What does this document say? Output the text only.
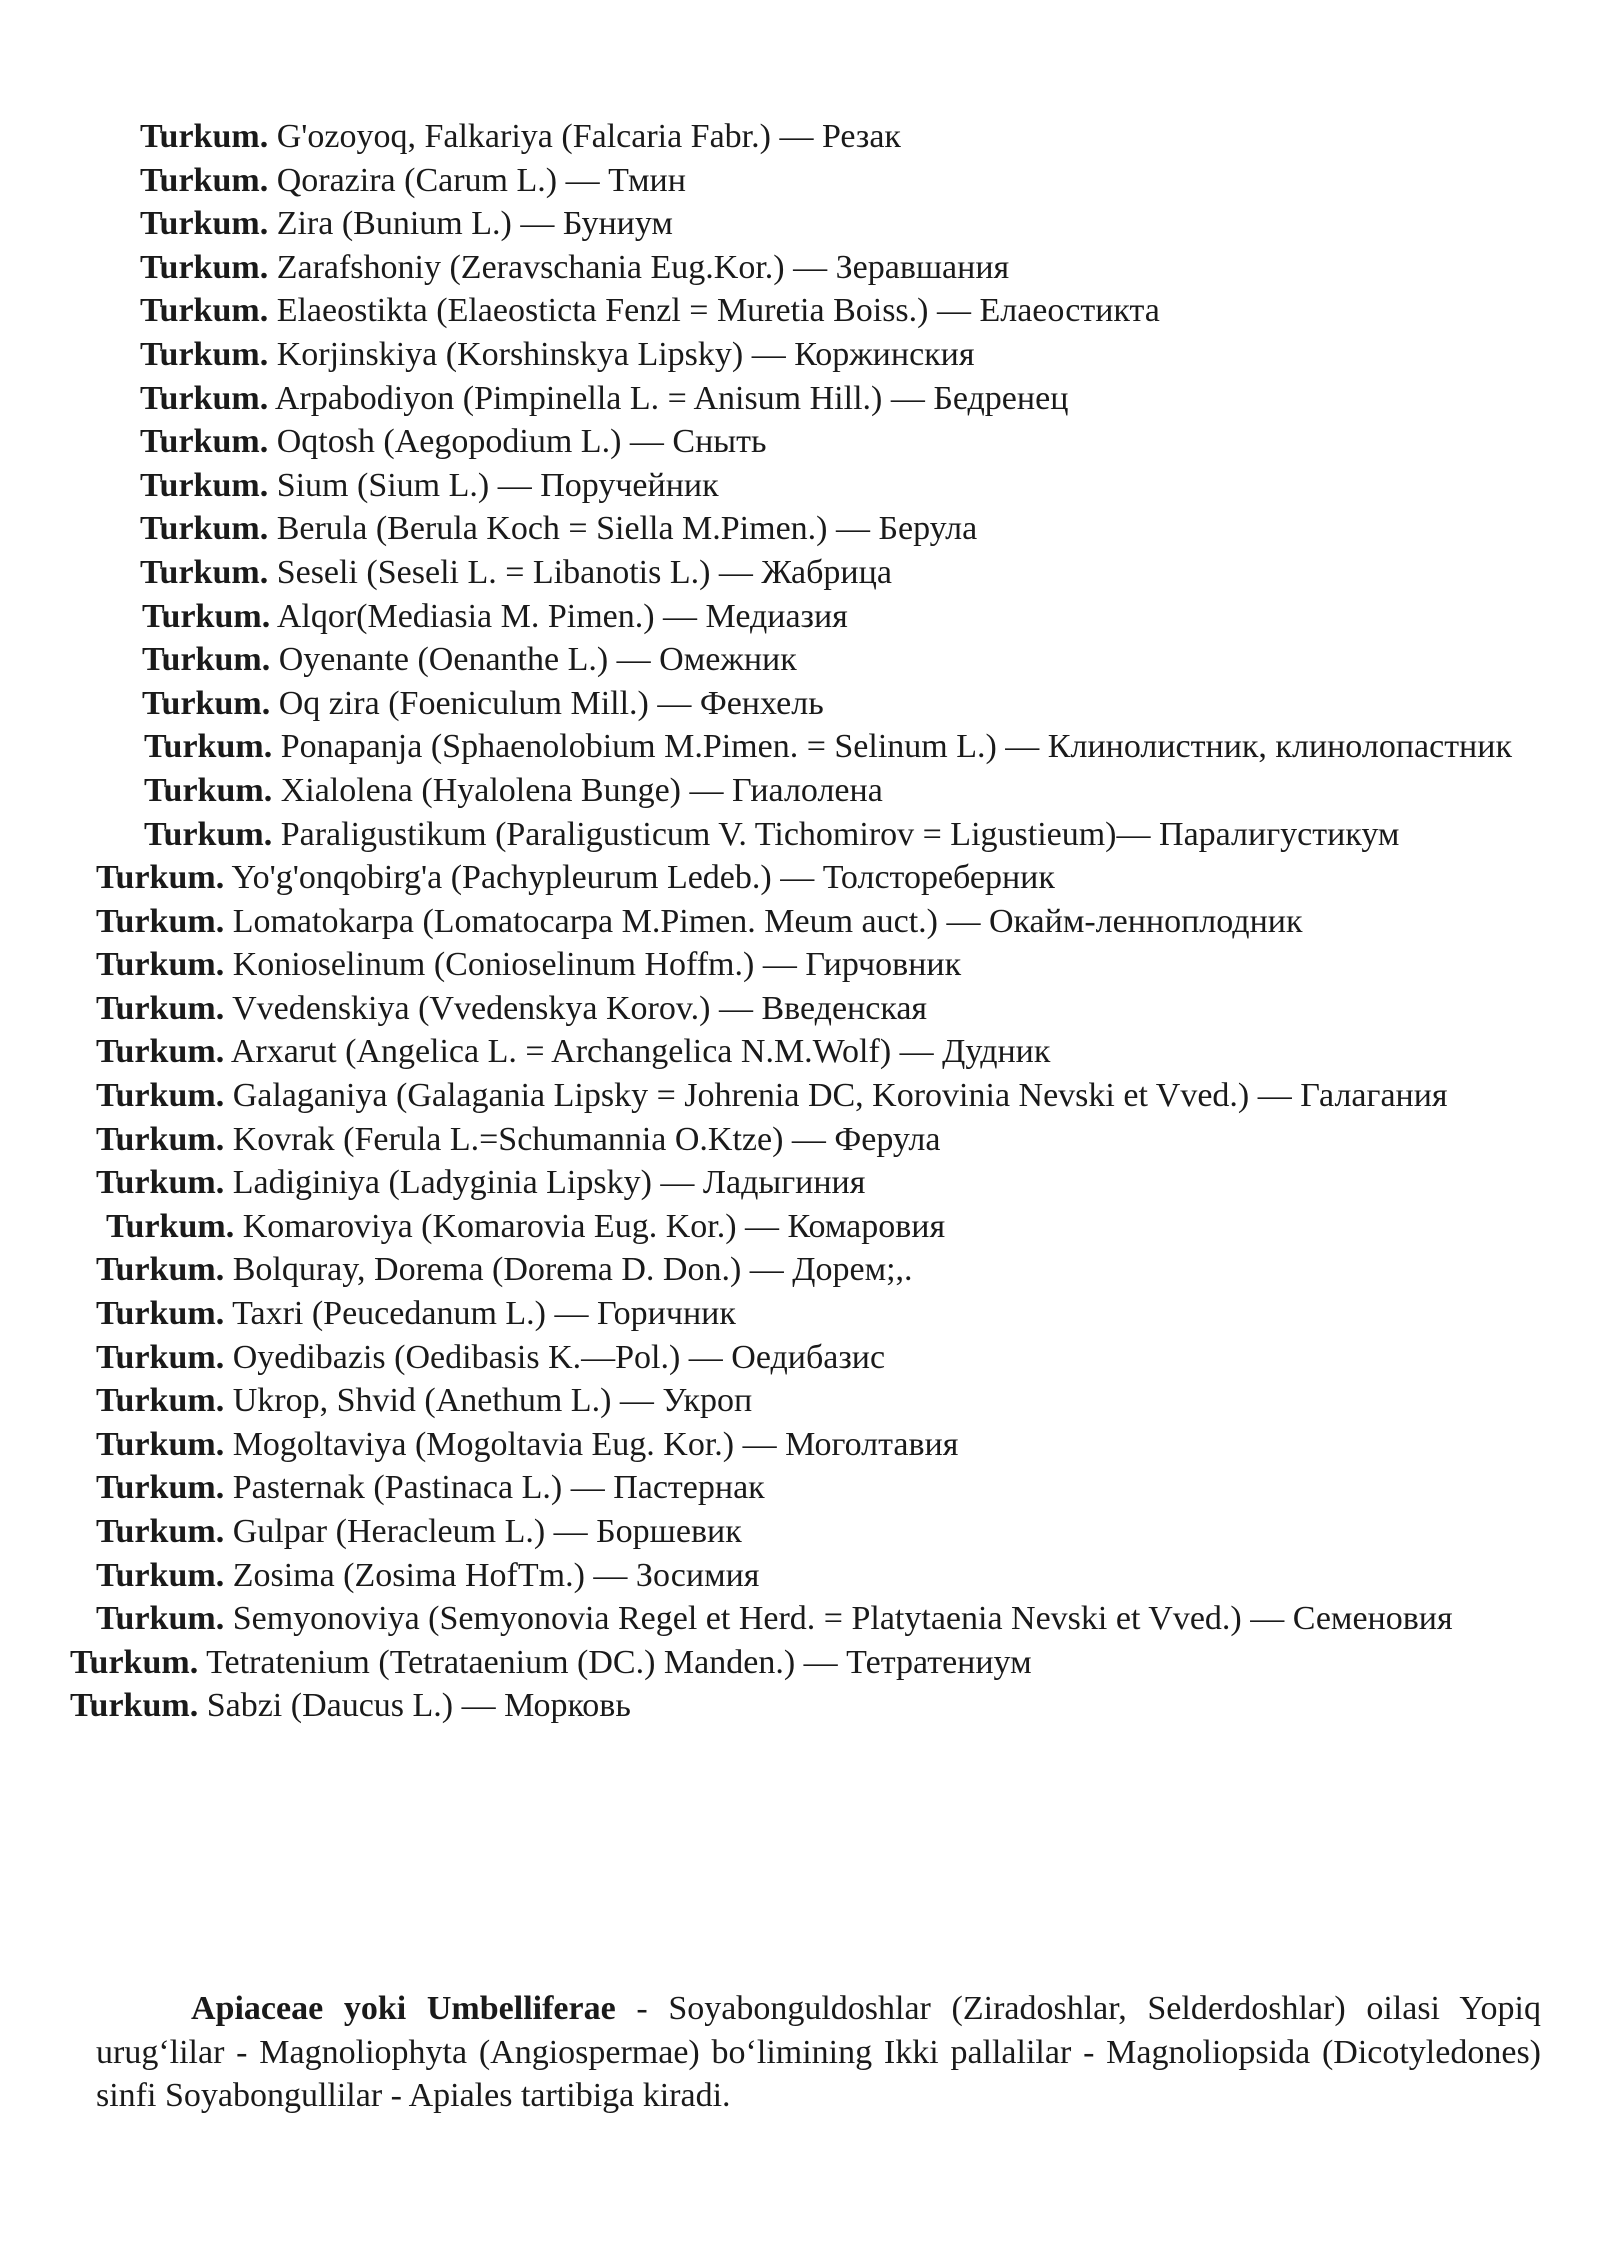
Turkum. G'ozoyoq, Falkariya (Falcaria Fabr.) — Резак
Turkum. Qorazira (Carum L.) — Тмин
Turkum. Zira (Bunium L.) — Буниум
Turkum. Zarafshoniy (Zeravschania Eug.Kor.) — Зеравшания
Turkum. Elaeostikta (Elaeosticta Fenzl = Muretia Boiss.) — Елаеостикта
Turkum. Korjinskiya (Korshinskya Lipsky) — Коржинския
Turkum. Arpabodiyon (Pimpinella L. = Anisum Hill.) — Бедренец
Turkum. Oqtosh (Aegopodium L.) — Сныть
Turkum. Sium (Sium L.) — Поручейник
Turkum. Berula (Berula Koch = Siella M.Pimen.) — Берула
Turkum. Seseli (Seseli L. = Libanotis L.) — Жабрица
Turkum. Alqor(Mediasia M. Pimen.) — Медиазия
Turkum. Oyenante (Oenanthe L.) — Омежник
Turkum. Oq zira (Foeniculum Mill.) — Фенхель
Turkum. Ponapanja (Sphaenolobium M.Pimen. = Selinum L.) — Клинолистник, клинолопастник
Turkum. Xialolena (Hyalolena Bunge) — Гиалолена
Turkum. Paraligustikum (Paraligusticum V. Tichomirov = Ligustieum)— Паралигустикум
Turkum. Yo'g'onqobirg'a (Pachypleurum Ledeb.) — Толстореберник
Turkum. Lomatokarpa (Lomatocarpa M.Pimen. Meum auct.) — Окайм-ленноплодник
Turkum. Konioselinum (Conioselinum Hoffm.) — Гирчовник
Turkum. Vvedenskiya (Vvedenskya Korov.) — Введенская
Turkum. Arxarut (Angelica L. = Archangelica N.M.Wolf) — Дудник
Turkum. Galaganiya (Galagania Lipsky = Johrenia DC, Korovinia Nevski et Vved.) — Галагания
Turkum. Kovrak (Ferula L.=Schumannia O.Ktze) — Ферула
Turkum. Ladiginiya (Ladyginia Lipsky) — Ладыгиния
Turkum. Komaroviya (Komarovia Eug. Kor.) — Комаровия
Turkum. Bolquray, Dorema (Dorema D. Don.) — Дорем;,.
Turkum. Taxri (Peucedanum L.) — Горичник
Turkum. Oyedibazis (Oedibasis K.—Pol.) — Оедибазис
Turkum. Ukrop, Shvid (Anethum L.) — Укроп
Turkum. Mogoltaviya (Mogoltavia Eug. Kor.) — Моголтавия
Turkum. Pasternak (Pastinaca L.) — Пастернак
Turkum. Gulpar (Heracleum L.) — Боршевик
Turkum. Zosima (Zosima HofTm.) — Зосимия
Turkum. Semyonoviya (Semyonovia Regel et Herd. = Platytaenia Nevski et Vved.) — Семеновия
Turkum. Tetratenium (Tetrataenium (DC.) Manden.) — Тетратениум
Turkum. Sabzi (Daucus L.) — Морковь

Apiaceae yoki Umbelliferae - Soyabonguldoshlar (Ziradoshlar, Selderdoshlar) oilasi Yopiq urug‘lilar - Magnoliophyta (Angiospermae) bo‘limining Ikki pallalilar - Magnoliopsida (Dicotyledones) sinfi Soyabongullilar - Apiales tartibiga kiradi.
